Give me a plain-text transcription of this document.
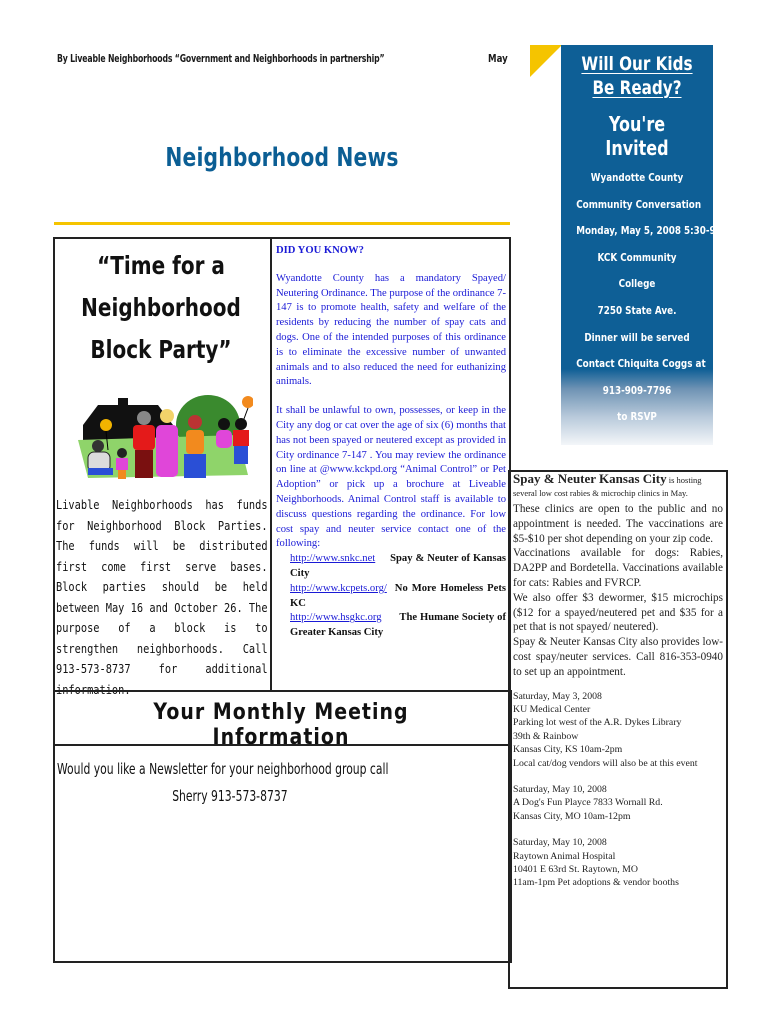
By Liveable Neighborhoods “Government and Neighborhoods in partnership”	May
Neighborhood News
Will Our Kids Be Ready?
You're Invited
Wyandotte County
Community Conversation
Monday, May 5, 2008 5:30-9 pm
KCK Community
College
7250 State Ave.
Dinner will be served
Contact Chiquita Coggs at
913-909-7796
to RSVP
“Time for a Neighborhood Block Party”
Livable Neighborhoods has funds for Neighborhood Block Parties. The funds will be distributed first come first serve bases. Block parties should be held between May 16 and October 26. The purpose of a block is to strengthen neighborhoods. Call 913-573-8737 for additional information.
DID YOU KNOW?

Wyandotte County has a mandatory Spayed/ Neutering Ordinance. The purpose of the ordinance 7-147 is to promote health, safety and welfare of the residents by reducing the number of spay cats and dogs. One of the intended purposes of this ordinance is to eliminate the excessive number of unwanted animals and to also reduced the need for euthanizing animals.

It shall be unlawful to own, possesses, or keep in the City any dog or cat over the age of six (6) months that has not been spayed or neutered except as provided in City ordinance 7-147 . You may review the ordinance on line at @www.kckpd.org “Animal Control” or Pet Adoption” or pick up a brochure at Liveable Neighborhoods. Animal Control staff is available to discuss questions regarding the ordinance. For low cost spay and neuter service contact one of the following:

http://www.snkc.net Spay & Neuter of Kansas City
http://www.kcpets.org/ No More Homeless Pets KC
http://www.hsgkc.org The Humane Society of Greater Kansas City
Spay & Neuter Kansas City is hosting several low cost rabies & microchip clinics in May.

These clinics are open to the public and no appointment is needed. The vaccinations are $5-$10 per shot depending on your zip code.

Vaccinations available for dogs: Rabies, DA2PP and Bordetella. Vaccinations available for cats: Rabies and FVRCP.

We also offer $3 dewormer, $15 microchips ($12 for a spayed/neutered pet and $35 for a pet that is not spayed/ neutered).

Spay & Neuter Kansas City also provides low-cost spay/neuter services. Call 816-353-0940 to set up an appointment.

Saturday, May 3, 2008
KU Medical Center
Parking lot west of the A.R. Dykes Library
39th & Rainbow
Kansas City, KS 10am-2pm
Local cat/dog vendors will also be at this event
Saturday, May 10, 2008
A Dog's Fun Playce 7833 Wornall Rd.
Kansas City, MO 10am-12pm
Saturday, May 10, 2008
Raytown Animal Hospital
10401 E 63rd St. Raytown, MO
11am-1pm Pet adoptions & vendor booths
Your Monthly Meeting Information
Would you like a Newsletter for your neighborhood group call
Sherry 913-573-8737
